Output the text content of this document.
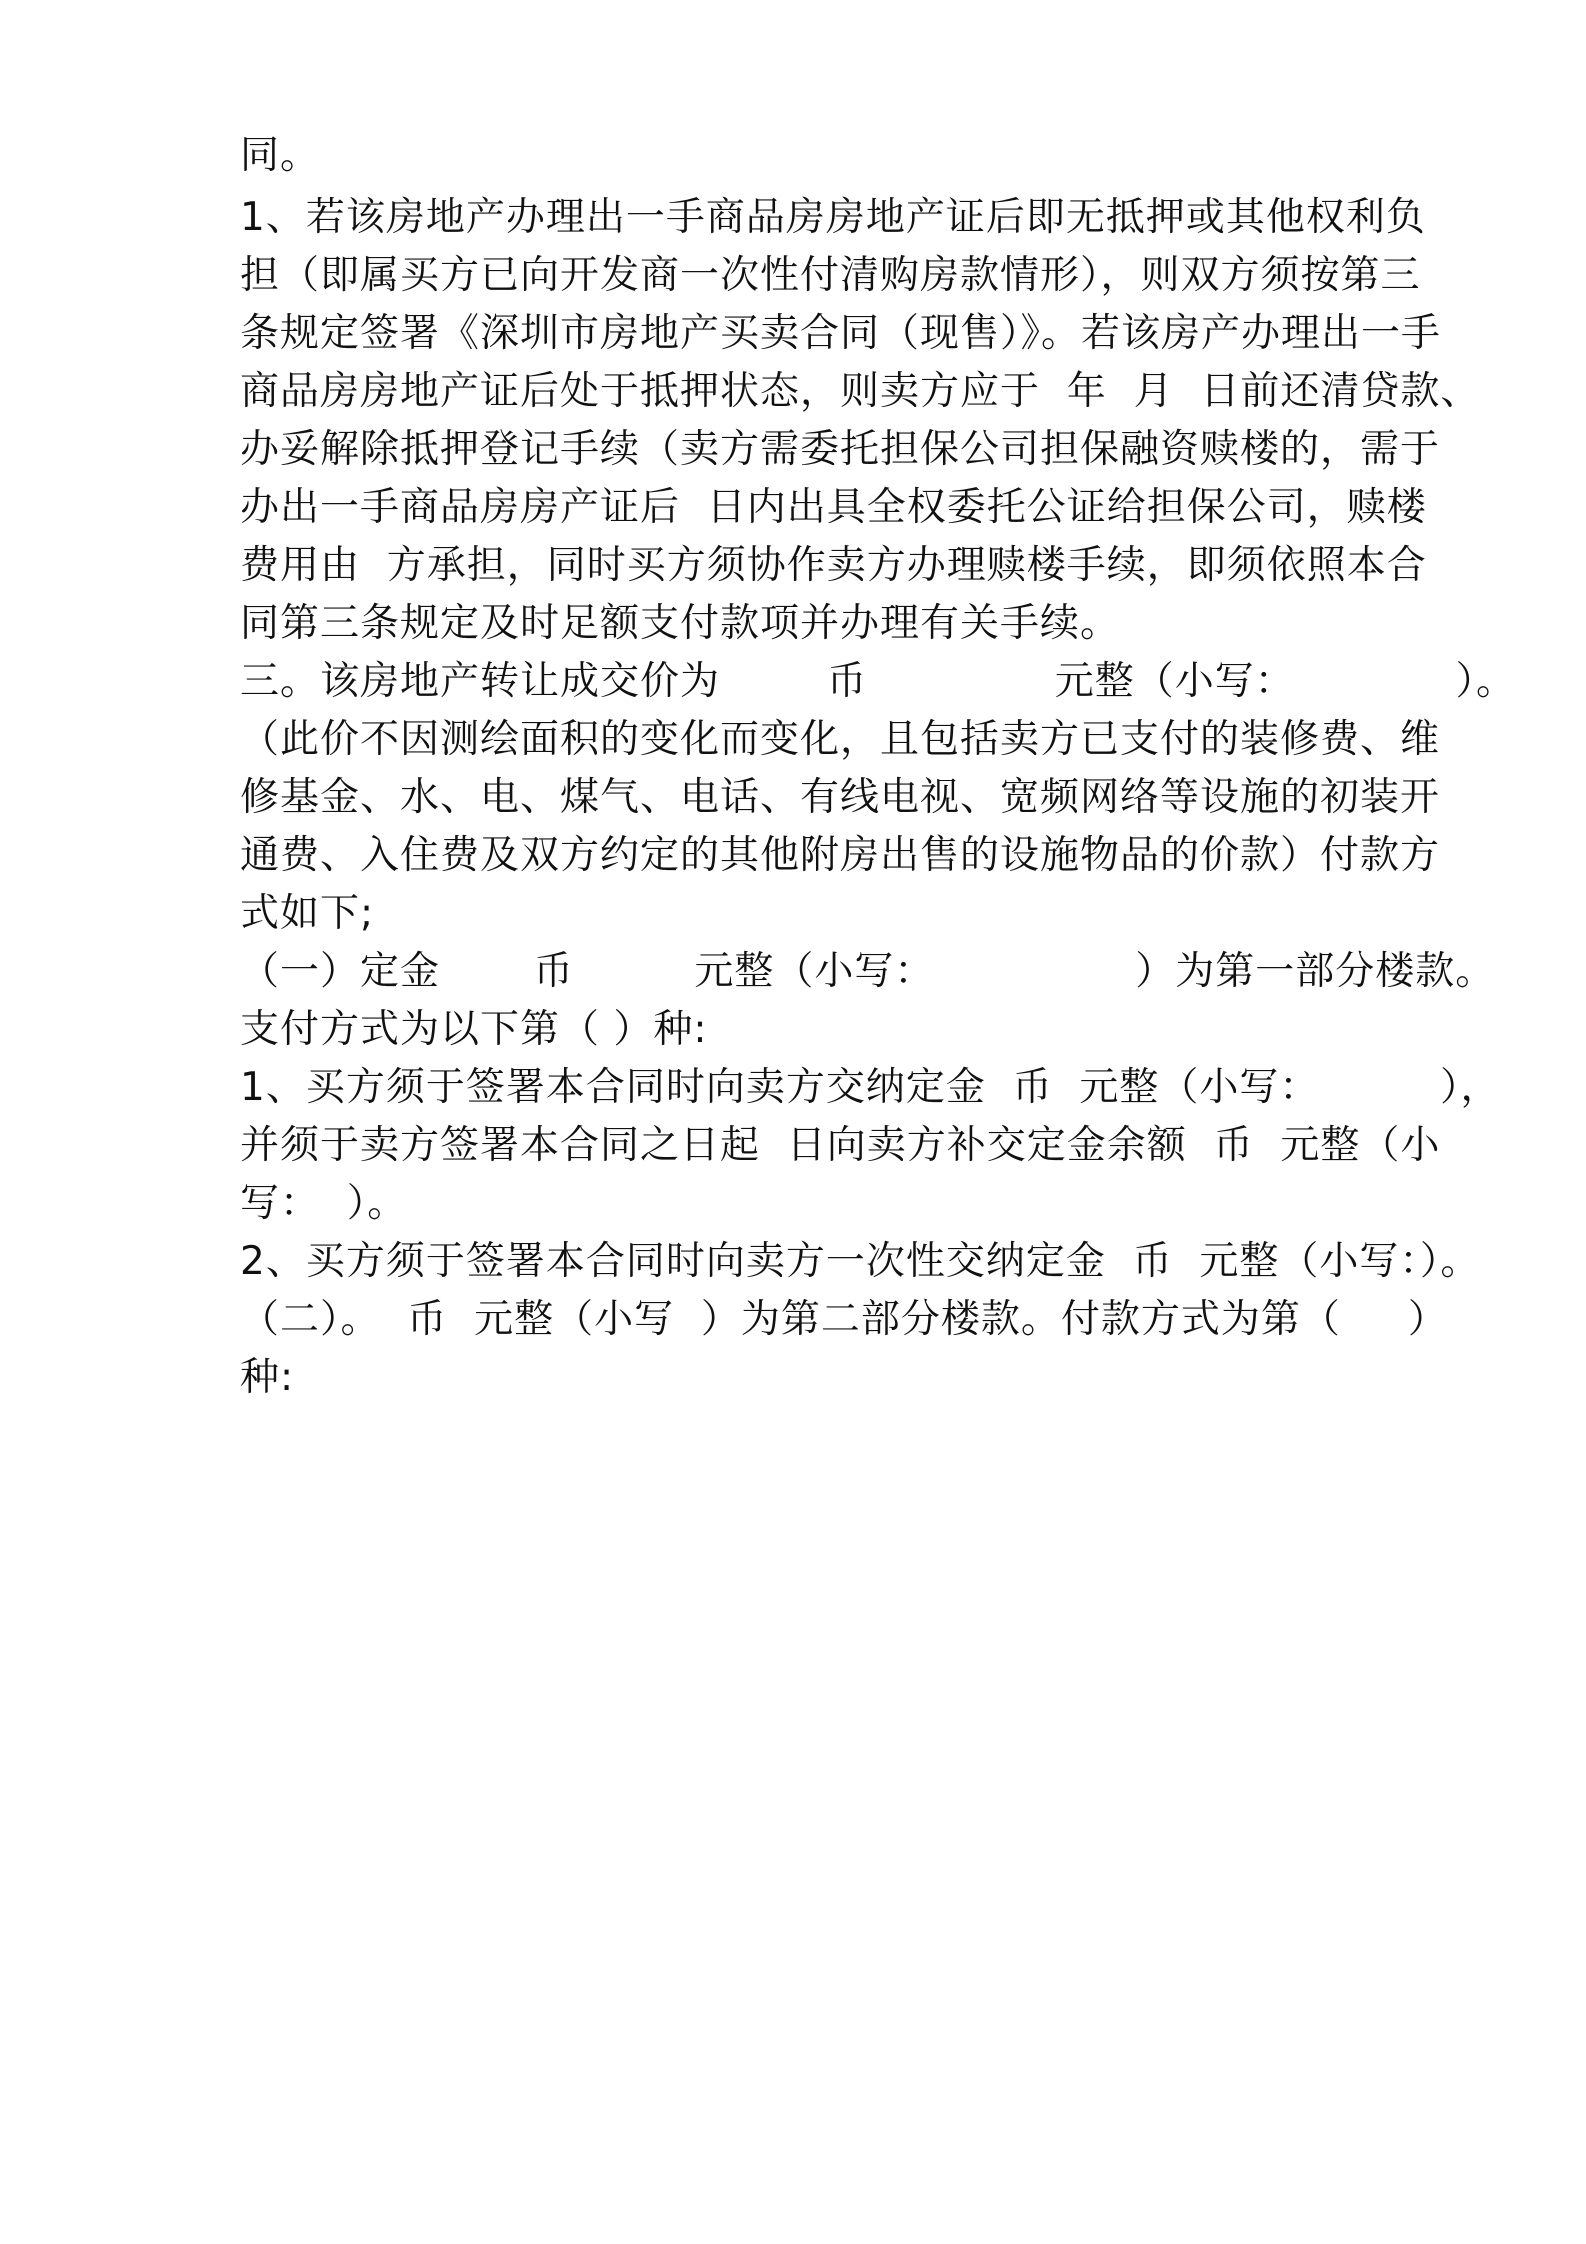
同。
1、若该房地产办理出一手商品房房地产证后即无抵押或其他权利负
担（即属买方已向开发商一次性付清购房款情形），则双方须按第三
条规定签署《深圳市房地产买卖合同（现售）》。若该房产办理出一手
商品房房地产证后处于抵押状态，则卖方应于  年  月  日前还清贷款、
办妥解除抵押登记手续（卖方需委托担保公司担保融资赎楼的，需于
办出一手商品房房产证后  日内出具全权委托公证给担保公司，赎楼
费用由  方承担，同时买方须协作卖方办理赎楼手续，即须依照本合
同第三条规定及时足额支付款项并办理有关手续。
三。该房地产转让成交价为        币              元整（小写：            ）。
（此价不因测绘面积的变化而变化，且包括卖方已支付的装修费、维
修基金、水、电、煤气、电话、有线电视、宽频网络等设施的初装开
通费、入住费及双方约定的其他附房出售的设施物品的价款）付款方
式如下;
（一）定金       币         元整（小写：               ）为第一部分楼款。
支付方式为以下第（ ）种:
1、买方须于签署本合同时向卖方交纳定金  币  元整（小写：         ），
并须于卖方签署本合同之日起  日向卖方补交定金余额  币  元整（小
写：  ）。
2、买方须于签署本合同时向卖方一次性交纳定金  币  元整（小写：）。
（二）。  币  元整（小写  ）为第二部分楼款。付款方式为第（     ）
种:
